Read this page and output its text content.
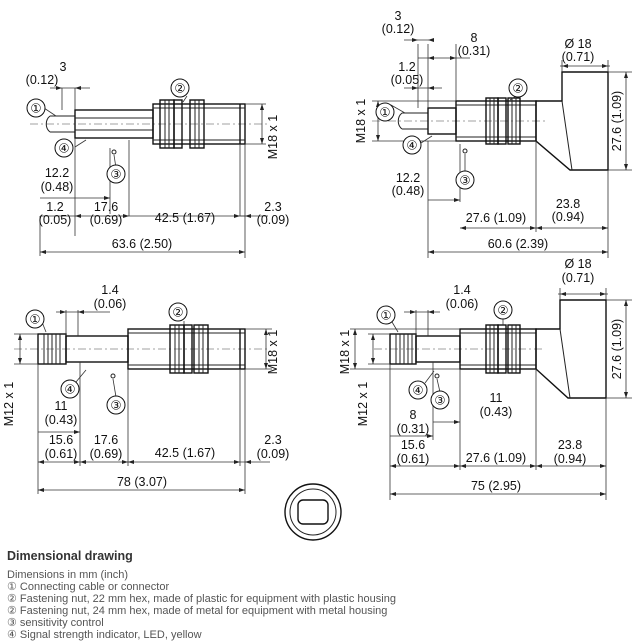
①
②
③
④
3
(0.12)
12.2
(0.48)
1.2
(0.05)
17.6
(0.69)	42.5 (1.67)
2.3
(0.09)
63.6 (2.50)
M18 x 1
①
②
③
④
3
(0.12)
8
(0.31)
1.2
(0.05)
Ø 18
(0.71)
27.6 (1.09)
12.2
(0.48)
27.6 (1.09)
23.8
(0.94)
60.6 (2.39)
M18 x 1
①	②
③
④
1.4
(0.06)
11
(0.43)
15.6
(0.61)
17.6
(0.69)	42.5 (1.67)
2.3
(0.09)
78 (3.07)
M12 x 1
M18 x 1
①	②
③
④
1.4
(0.06)
Ø 18
(0.71)
27.6 (1.09)
11
(0.43)
8
(0.31)
15.6
(0.61)	27.6 (1.09)
23.8
(0.94)
75 (2.95)
M18 x 1
M12 x 1
Dimensional drawing
Dimensions in mm (inch)
① Connecting cable or connector
② Fastening nut, 22 mm hex, made of plastic for equipment with plastic housing
② Fastening nut, 24 mm hex, made of metal for equipment with metal housing
③ sensitivity control
④ Signal strength indicator, LED, yellow
